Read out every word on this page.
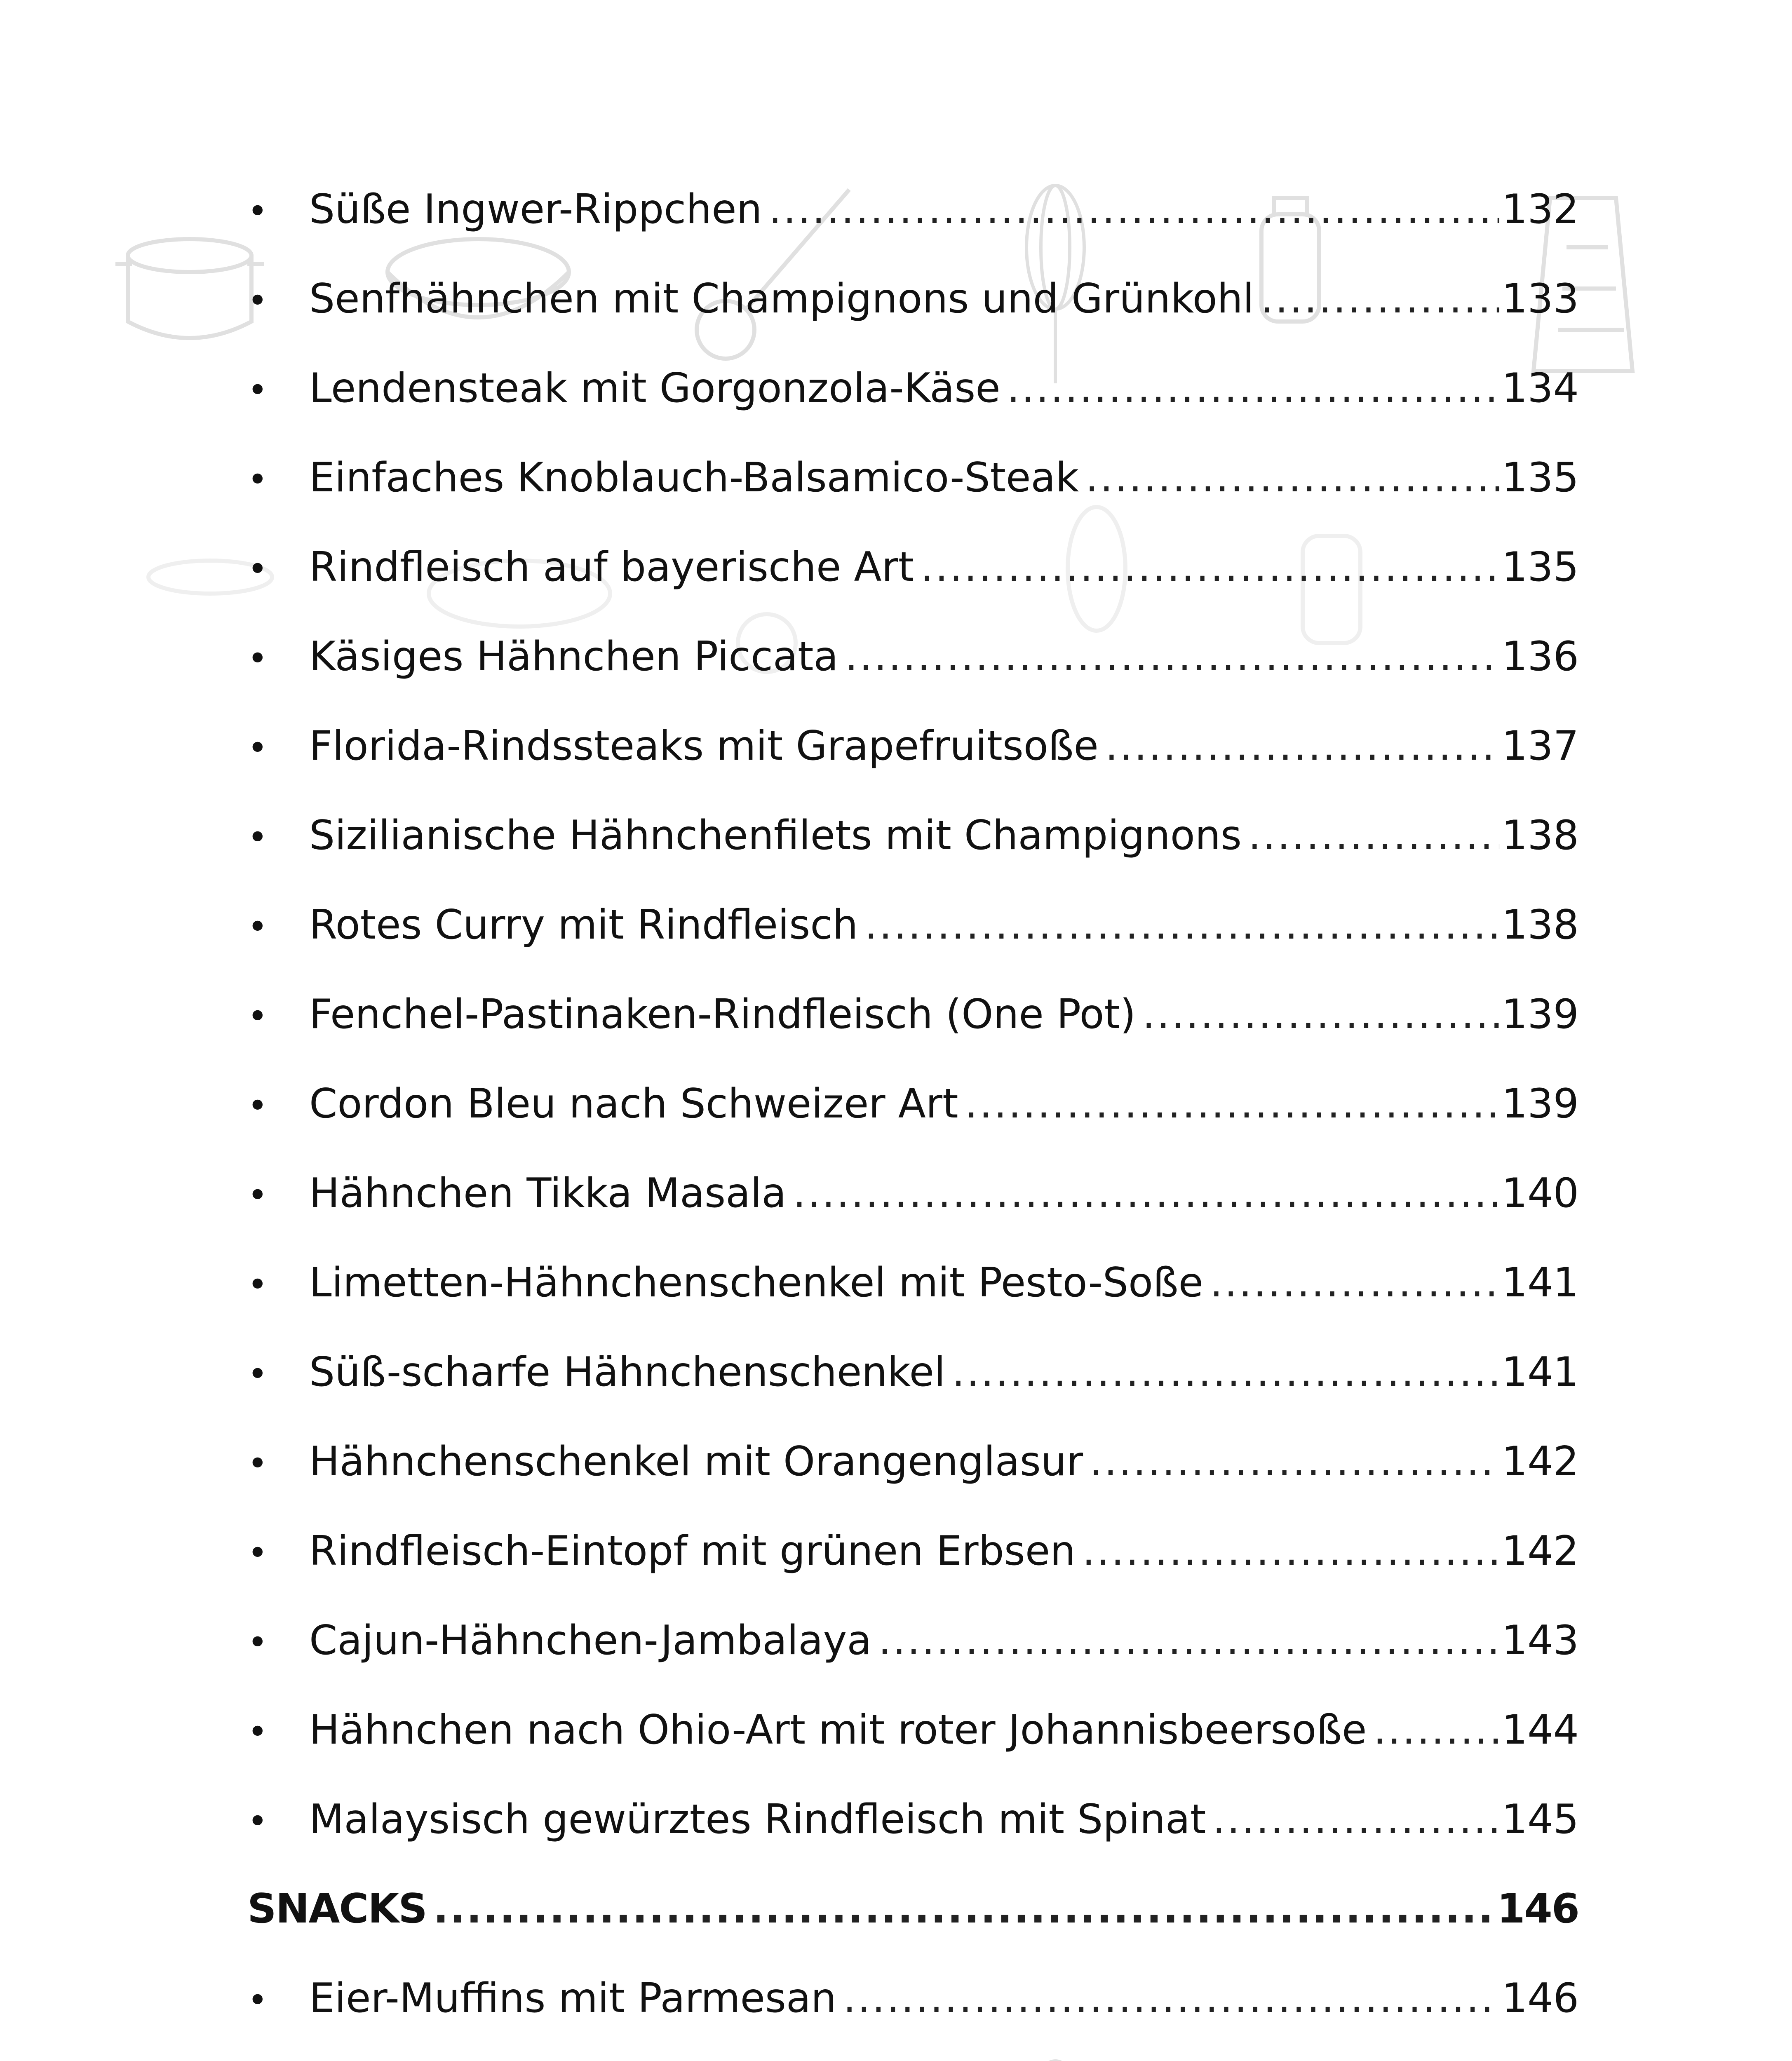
•	Süße Ingwer-Rippchen .....	132
•	Senfhähnchen mit Champignons und Grünkohl .....	133
•	Lendensteak mit Gorgonzola-Käse .....	134
•	Einfaches Knoblauch-Balsamico-Steak .....	135
•	Rindfleisch auf bayerische Art .....	135
•	Käsiges Hähnchen Piccata .....	136
•	Florida-Rindssteaks mit Grapefruitsoße .....	137
•	Sizilianische Hähnchenfilets mit Champignons .....	138
•	Rotes Curry mit Rindfleisch .....	138
•	Fenchel-Pastinaken-Rindfleisch (One Pot) .....	139
•	Cordon Bleu nach Schweizer Art .....	139
•	Hähnchen Tikka Masala .....	140
•	Limetten-Hähnchenschenkel mit Pesto-Soße .....	141
•	Süß-scharfe Hähnchenschenkel .....	141
•	Hähnchenschenkel mit Orangenglasur .....	142
•	Rindfleisch-Eintopf mit grünen Erbsen .....	142
•	Cajun-Hähnchen-Jambalaya .....	143
•	Hähnchen nach Ohio-Art mit roter Johannisbeersoße .....	144
•	Malaysisch gewürztes Rindfleisch mit Spinat .....	145
SNACKS .....	146
•	Eier-Muffins mit Parmesan .....	146
.....
